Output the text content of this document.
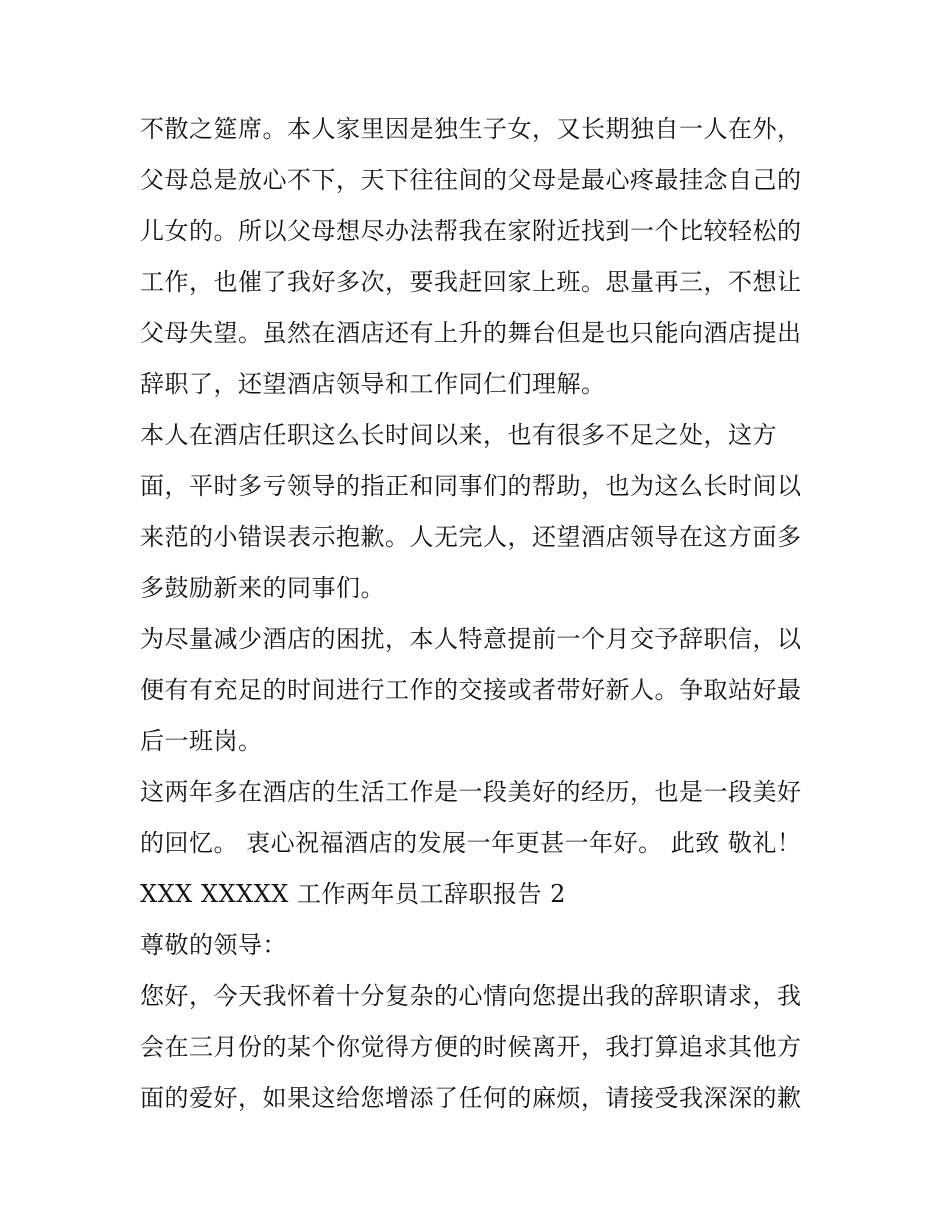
不散之筵席。本人家里因是独生子女，又长期独自一人在外，
父母总是放心不下，天下往往间的父母是最心疼最挂念自己的
儿女的。所以父母想尽办法帮我在家附近找到一个比较轻松的
工作，也催了我好多次，要我赶回家上班。思量再三，不想让
父母失望。虽然在酒店还有上升的舞台但是也只能向酒店提出
辞职了，还望酒店领导和工作同仁们理解。

本人在酒店任职这么长时间以来，也有很多不足之处，这方
面，平时多亏领导的指正和同事们的帮助，也为这么长时间以
来范的小错误表示抱歉。人无完人，还望酒店领导在这方面多
多鼓励新来的同事们。

为尽量减少酒店的困扰，本人特意提前一个月交予辞职信，以
便有有充足的时间进行工作的交接或者带好新人。争取站好最
后一班岗。

这两年多在酒店的生活工作是一段美好的经历，也是一段美好
的回忆。 衷心祝福酒店的发展一年更甚一年好。 此致 敬礼！

XXX XXXXX 工作两年员工辞职报告 2

尊敬的领导：

您好，今天我怀着十分复杂的心情向您提出我的辞职请求，我
会在三月份的某个你觉得方便的时候离开，我打算追求其他方
面的爱好，如果这给您增添了任何的麻烦，请接受我深深的歉
